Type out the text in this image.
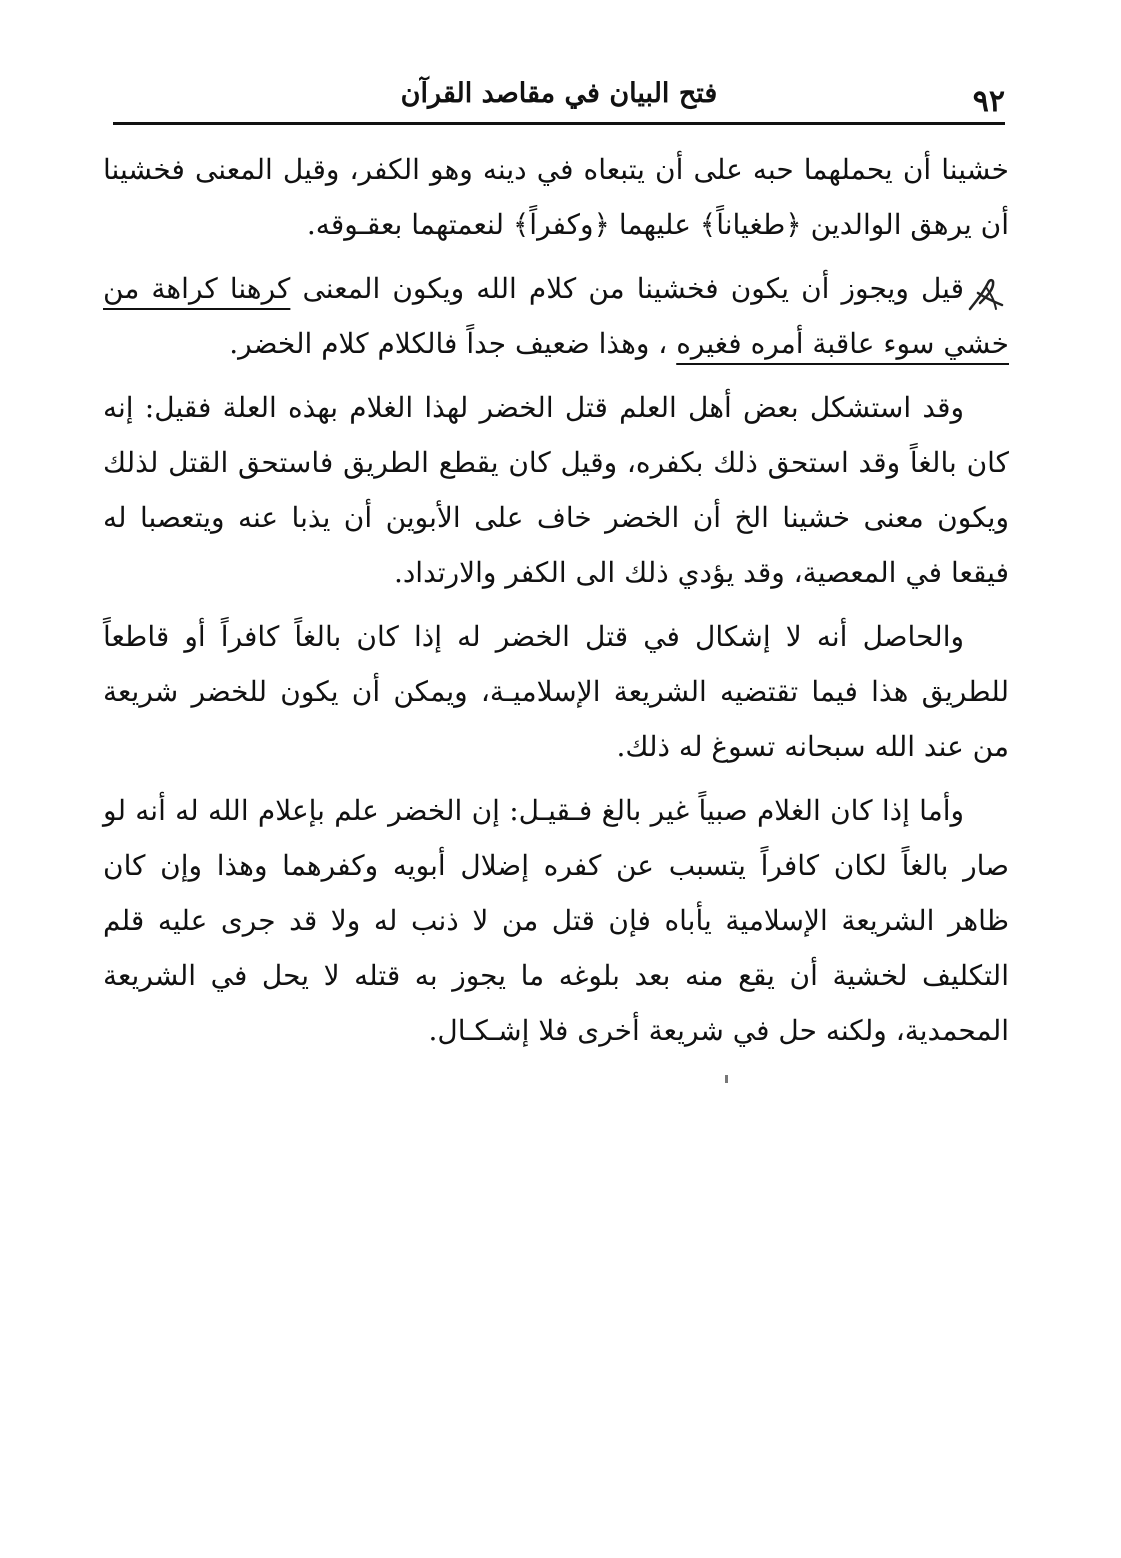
٩٢
فتح البيان في مقاصد القرآن

خشينا أن يحملهما حبه على أن يتبعاه في دينه وهو الكفر، وقيل المعنى فخشينا أن يرهق الوالدين ﴿طغياناً﴾ عليهما ﴿وكفراً﴾ لنعمتهما بعقـوقه.

قيل ويجوز أن يكون فخشينا من كلام الله ويكون المعنى كرهنا كراهة من خشي سوء عاقبة أمره فغيره ، وهذا ضعيف جداً فالكلام كلام الخضر.

وقد استشكل بعض أهل العلم قتل الخضر لهذا الغلام بهذه العلة فقيل: إنه كان بالغاً وقد استحق ذلك بكفره، وقيل كان يقطع الطريق فاستحق القتل لذلك ويكون معنى خشينا الخ أن الخضر خاف على الأبوين أن يذبا عنه ويتعصبا له فيقعا في المعصية، وقد يؤدي ذلك الى الكفر والارتداد.

والحاصل أنه لا إشكال في قتل الخضر له إذا كان بالغاً كافراً أو قاطعاً للطريق هذا فيما تقتضيه الشريعة الإسلاميـة، ويمكن أن يكون للخضر شريعة من عند الله سبحانه تسوغ له ذلك.

وأما إذا كان الغلام صبياً غير بالغ فـقيـل: إن الخضر علم بإعلام الله له أنه لو صار بالغاً لكان كافراً يتسبب عن كفره إضلال أبويه وكفرهما وهذا وإن كان ظاهر الشريعة الإسلامية يأباه فإن قتل من لا ذنب له ولا قد جرى عليه قلم التكليف لخشية أن يقع منه بعد بلوغه ما يجوز به قتله لا يحل في الشريعة المحمدية، ولكنه حل في شريعة أخرى فلا إشـكـال.
